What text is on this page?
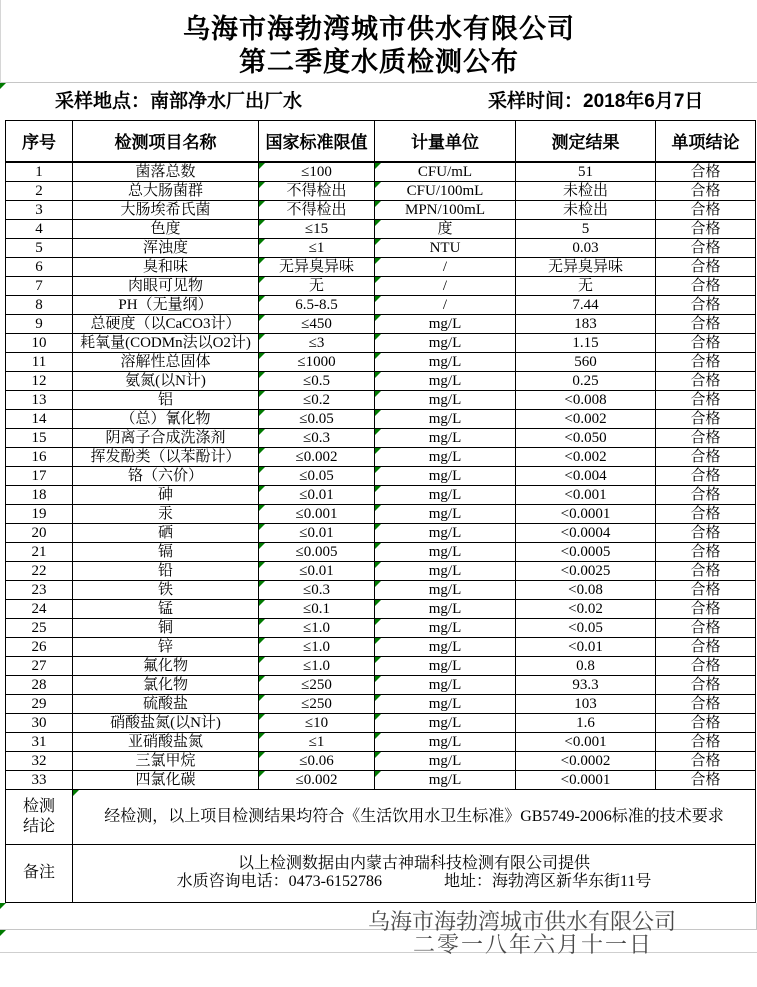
乌海市海勃湾城市供水有限公司
第二季度水质检测公布
采样地点：南部净水厂出厂水	采样时间：2018年6月7日
序号	检测项目名称	国家标准限值	计量单位	测定结果	单项结论
1	菌落总数	≤100	CFU/mL	51	合格
2	总大肠菌群	不得检出	CFU/100mL	未检出	合格
3	大肠埃希氏菌	不得检出	MPN/100mL	未检出	合格
4	色度	≤15	度	5	合格
5	浑浊度	≤1	NTU	0.03	合格
6	臭和味	无异臭异味	/	无异臭异味	合格
7	肉眼可见物	无	/	无	合格
8	PH（无量纲）	6.5-8.5	/	7.44	合格
9	总硬度（以CaCO3计）	≤450	mg/L	183	合格
10	耗氧量(CODMn法以O2计)	≤3	mg/L	1.15	合格
11	溶解性总固体	≤1000	mg/L	560	合格
12	氨氮(以N计)	≤0.5	mg/L	0.25	合格
13	铝	≤0.2	mg/L	<0.008	合格
14	（总）氰化物	≤0.05	mg/L	<0.002	合格
15	阴离子合成洗涤剂	≤0.3	mg/L	<0.050	合格
16	挥发酚类（以苯酚计）	≤0.002	mg/L	<0.002	合格
17	铬（六价）	≤0.05	mg/L	<0.004	合格
18	砷	≤0.01	mg/L	<0.001	合格
19	汞	≤0.001	mg/L	<0.0001	合格
20	硒	≤0.01	mg/L	<0.0004	合格
21	镉	≤0.005	mg/L	<0.0005	合格
22	铅	≤0.01	mg/L	<0.0025	合格
23	铁	≤0.3	mg/L	<0.08	合格
24	锰	≤0.1	mg/L	<0.02	合格
25	铜	≤1.0	mg/L	<0.05	合格
26	锌	≤1.0	mg/L	<0.01	合格
27	氟化物	≤1.0	mg/L	0.8	合格
28	氯化物	≤250	mg/L	93.3	合格
29	硫酸盐	≤250	mg/L	103	合格
30	硝酸盐氮(以N计)	≤10	mg/L	1.6	合格
31	亚硝酸盐氮	≤1	mg/L	<0.001	合格
32	三氯甲烷	≤0.06	mg/L	<0.0002	合格
33	四氯化碳	≤0.002	mg/L	<0.0001	合格

检测
结论	经检测，以上项目检测结果均符合《生活饮用水卫生标准》GB5749-2006标准的技术要求				
备注	以上检测数据由内蒙古神瑞科技检测有限公司提供
水质咨询电话：0473-6152786 地址：海勃湾区新华东街11号				
乌海市海勃湾城市供水有限公司
二零一八年六月十一日
